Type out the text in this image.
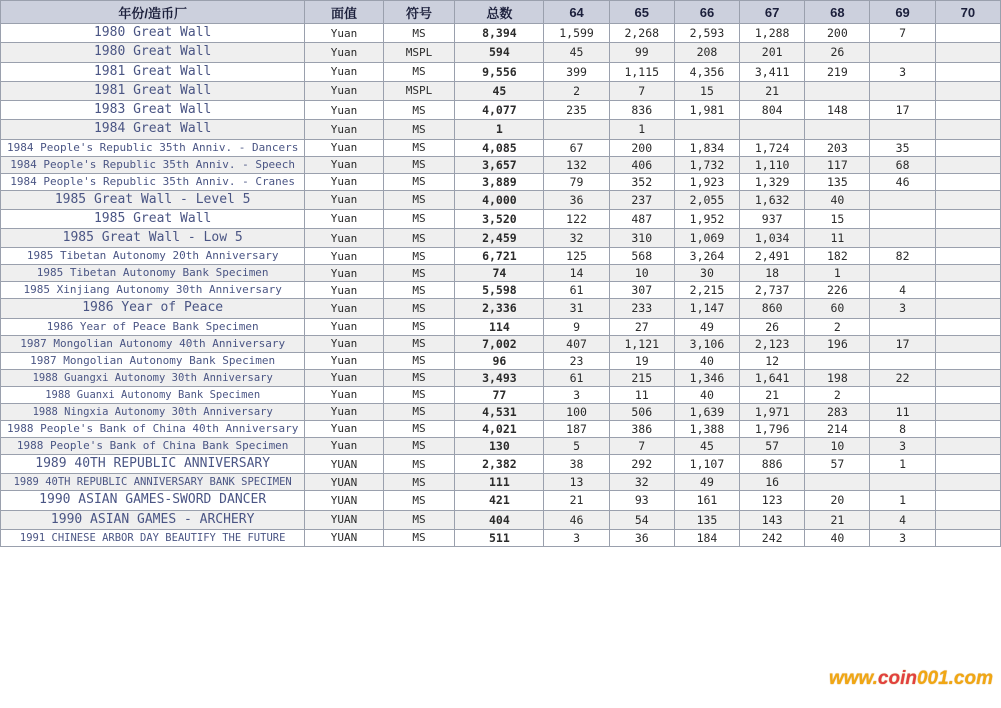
年份/造币厂	面值	符号	总数	64	65	66	67	68	69	70
1980 Great Wall	Yuan	MS	8,394	1,599	2,268	2,593	1,288	200	7	
1980 Great Wall	Yuan	MSPL	594	45	99	208	201	26		
1981 Great Wall	Yuan	MS	9,556	399	1,115	4,356	3,411	219	3	
1981 Great Wall	Yuan	MSPL	45	2	7	15	21			
1983 Great Wall	Yuan	MS	4,077	235	836	1,981	804	148	17	
1984 Great Wall	Yuan	MS	1		1					
1984 People's Republic 35th Anniv. - Dancers	Yuan	MS	4,085	67	200	1,834	1,724	203	35	
1984 People's Republic 35th Anniv. - Speech	Yuan	MS	3,657	132	406	1,732	1,110	117	68	
1984 People's Republic 35th Anniv. - Cranes	Yuan	MS	3,889	79	352	1,923	1,329	135	46	
1985 Great Wall - Level 5	Yuan	MS	4,000	36	237	2,055	1,632	40		
1985 Great Wall	Yuan	MS	3,520	122	487	1,952	937	15		
1985 Great Wall - Low 5	Yuan	MS	2,459	32	310	1,069	1,034	11		
1985 Tibetan Autonomy 20th Anniversary	Yuan	MS	6,721	125	568	3,264	2,491	182	82	
1985 Tibetan Autonomy Bank Specimen	Yuan	MS	74	14	10	30	18	1		
1985 Xinjiang Autonomy 30th Anniversary	Yuan	MS	5,598	61	307	2,215	2,737	226	4	
1986 Year of Peace	Yuan	MS	2,336	31	233	1,147	860	60	3	
1986 Year of Peace Bank Specimen	Yuan	MS	114	9	27	49	26	2		
1987 Mongolian Autonomy 40th Anniversary	Yuan	MS	7,002	407	1,121	3,106	2,123	196	17	
1987 Mongolian Autonomy Bank Specimen	Yuan	MS	96	23	19	40	12			
1988 Guangxi Autonomy 30th Anniversary	Yuan	MS	3,493	61	215	1,346	1,641	198	22	
1988 Guanxi Autonomy Bank Specimen	Yuan	MS	77	3	11	40	21	2		
1988 Ningxia Autonomy 30th Anniversary	Yuan	MS	4,531	100	506	1,639	1,971	283	11	
1988 People's Bank of China 40th Anniversary	Yuan	MS	4,021	187	386	1,388	1,796	214	8	
1988 People's Bank of China Bank Specimen	Yuan	MS	130	5	7	45	57	10	3	
1989 40TH REPUBLIC ANNIVERSARY	YUAN	MS	2,382	38	292	1,107	886	57	1	
1989 40TH REPUBLIC ANNIVERSARY BANK SPECIMEN	YUAN	MS	111	13	32	49	16			
1990 ASIAN GAMES-SWORD DANCER	YUAN	MS	421	21	93	161	123	20	1	
1990 ASIAN GAMES - ARCHERY	YUAN	MS	404	46	54	135	143	21	4	
1991 CHINESE ARBOR DAY BEAUTIFY THE FUTURE	YUAN	MS	511	3	36	184	242	40	3	
www.coin001.com
